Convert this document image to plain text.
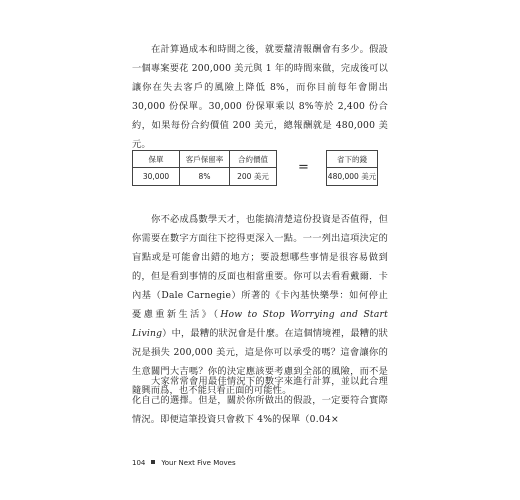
在計算過成本和時間之後，就要釐清報酬會有多少。假設一個專案要花 200,000 美元與 1 年的時間來做，完成後可以讓你在失去客戶的風險上降低 8%，而你目前每年會開出 30,000 份保單。30,000 份保單乘以 8%等於 2,400 份合約，如果每份合約價值 200 美元，總報酬就是 480,000 美元。
保單	客戶保留率	合約價值
30,000	8%	200 美元
=
省下的錢
480,000 美元
你不必成爲數學天才，也能搞清楚這份投資是否值得，但你需要在數字方面往下挖得更深入一點。一一列出這項決定的盲點或是可能會出錯的地方；要設想哪些事情是很容易做到的，但是看到事情的反面也相當重要。你可以去看看戴爾．卡內基（Dale Carnegie）所著的《卡內基快樂學：如何停止憂慮重新生活》（How to Stop Worrying and Start Living）中，最糟的狀況會是什麼。在這個情境裡，最糟的狀況是損失 200,000 美元，這是你可以承受的嗎？這會讓你的生意關門大吉嗎？你的決定應該要考慮到全部的風險，而不是隨興而爲，也不能只看正面的可能性。
大家常常會用最佳情況下的數字來進行計算，並以此合理化自己的選擇。但是，關於你所做出的假設，一定要符合實際情況。即便這筆投資只會救下 4%的保單（0.04×
104 Your Next Five Moves
